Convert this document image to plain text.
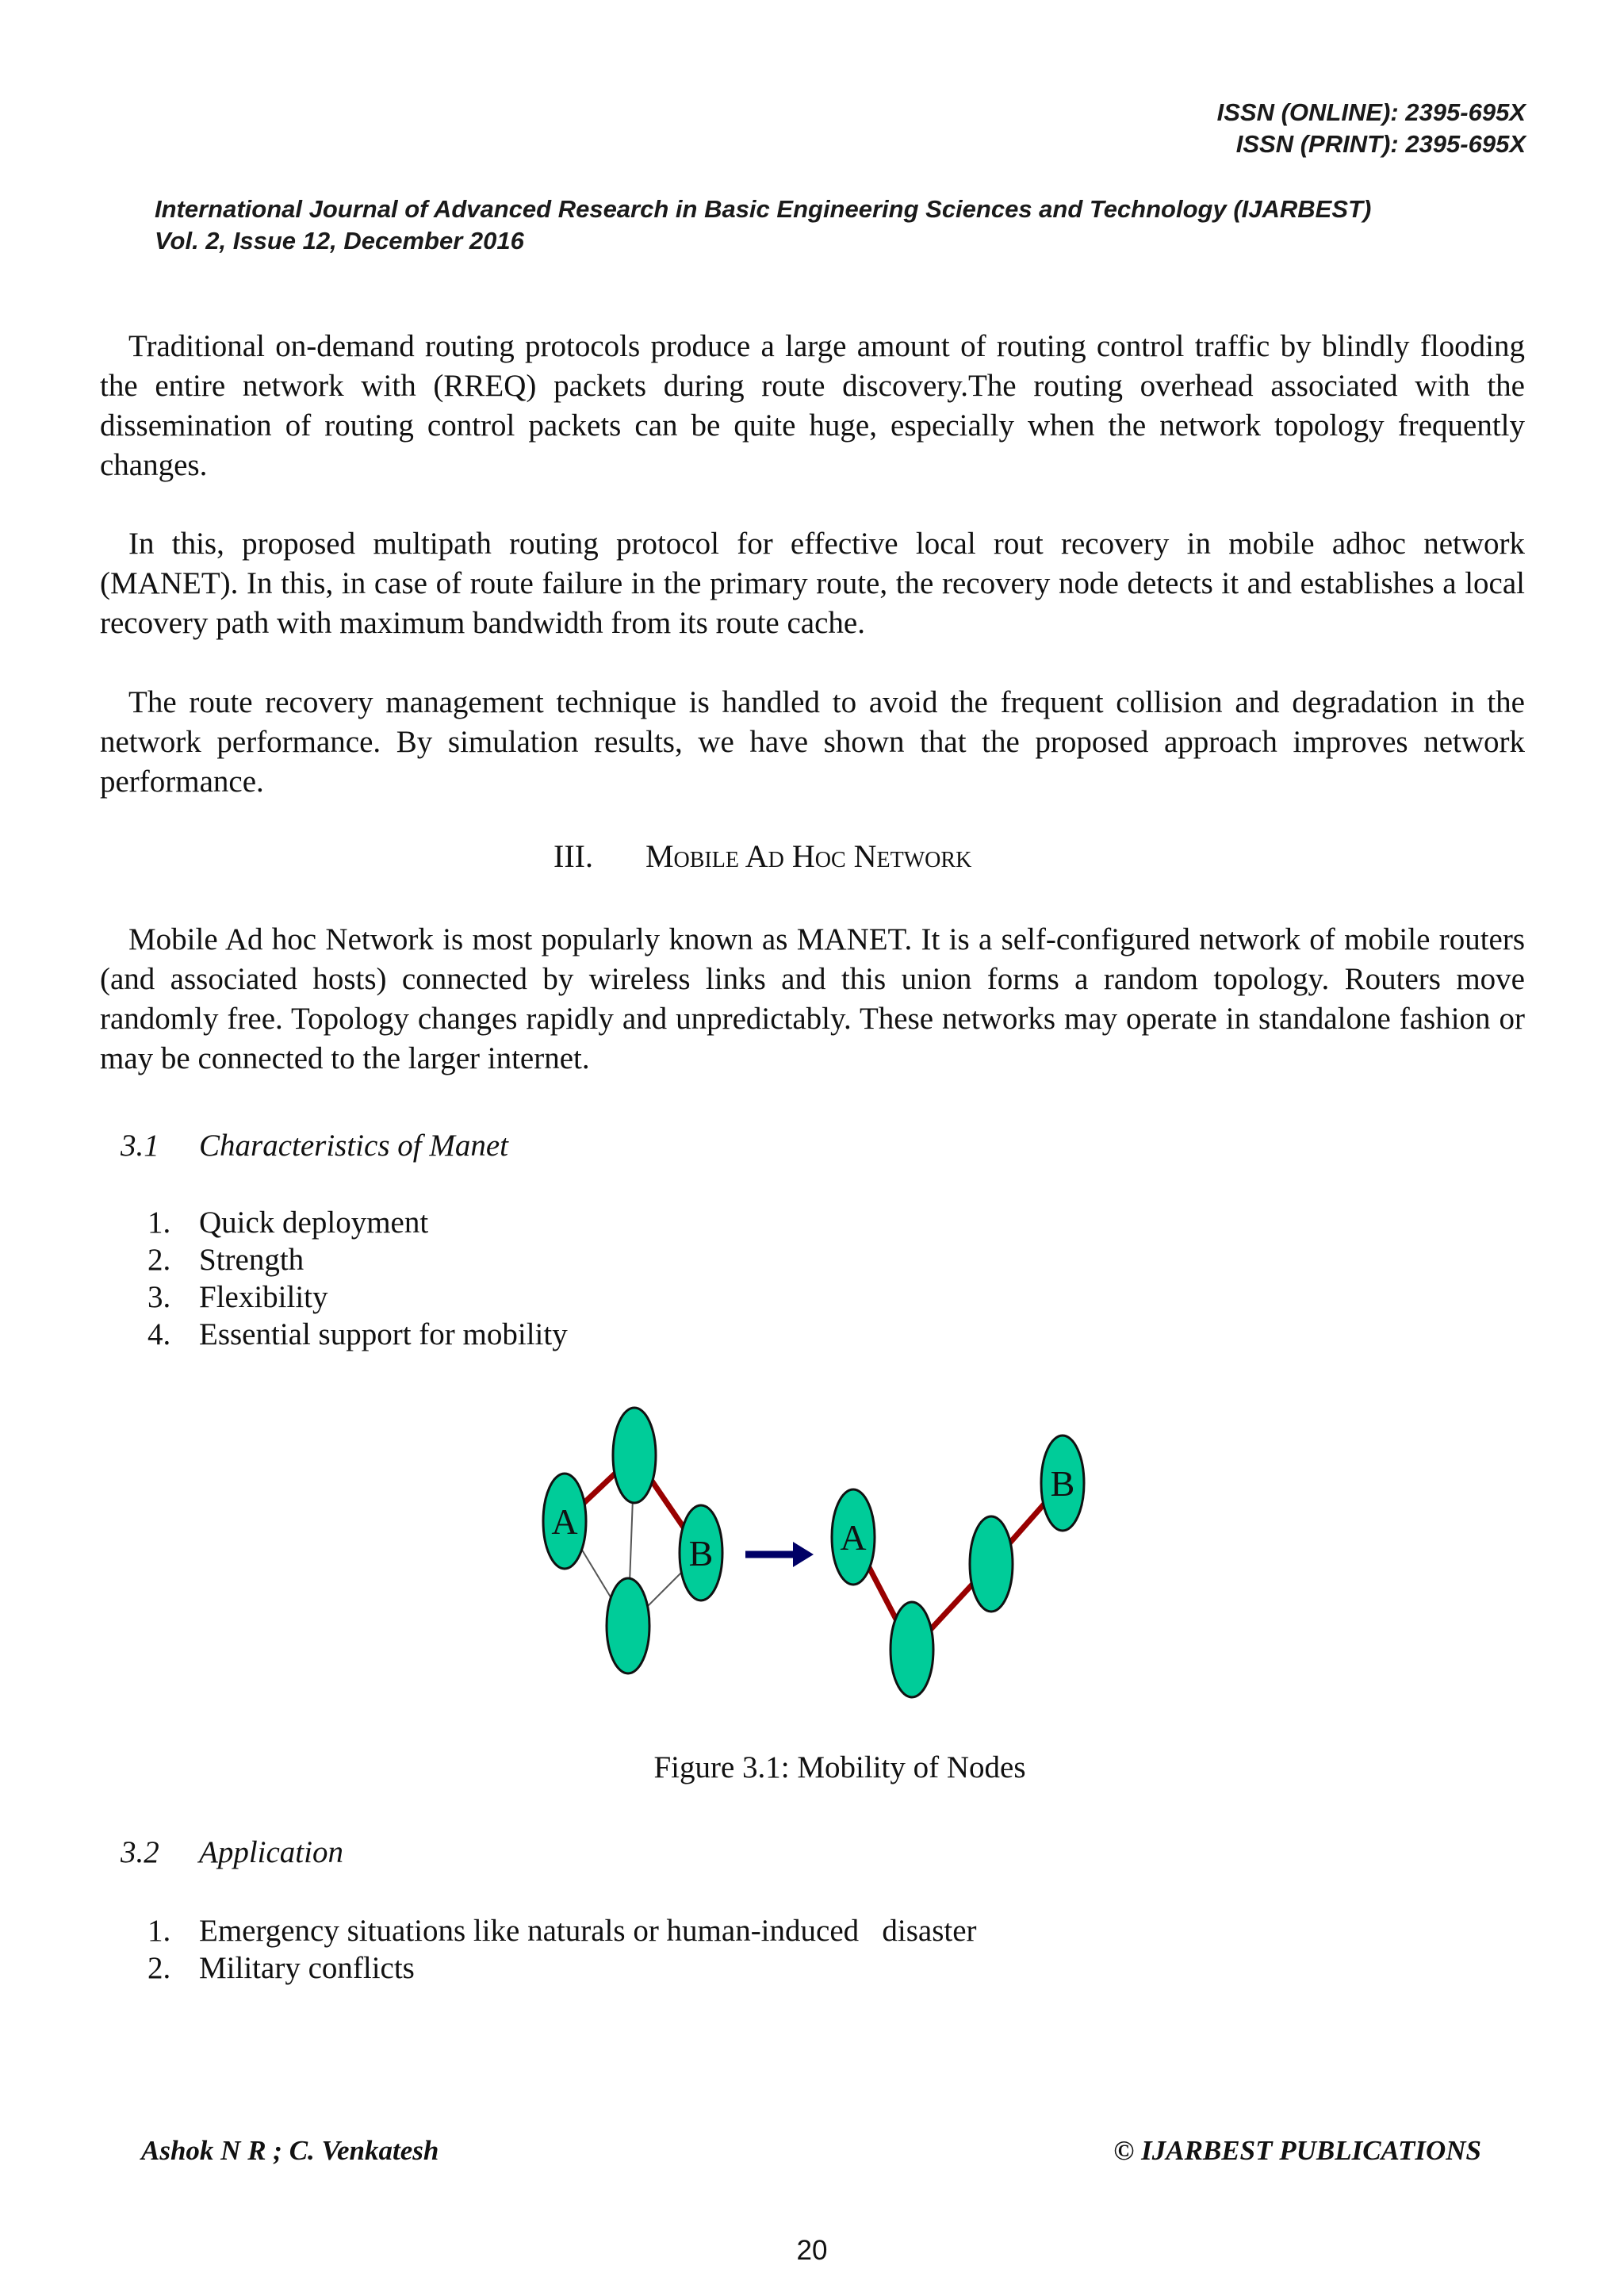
ISSN (ONLINE): 2395-695X
ISSN (PRINT): 2395-695X
International Journal of Advanced Research in Basic Engineering Sciences and Technology (IJARBEST)
Vol. 2, Issue 12, December 2016

Traditional on-demand routing protocols produce a large amount of routing control traffic by blindly flooding the entire network with (RREQ) packets during route discovery.The routing overhead associated with the dissemination of routing control packets can be quite huge, especially when the network topology frequently changes.

In this, proposed multipath routing protocol for effective local rout recovery in mobile adhoc network (MANET). In this, in case of route failure in the primary route, the recovery node detects it and establishes a local recovery path with maximum bandwidth from its route cache.

The route recovery management technique is handled to avoid the frequent collision and degradation in the network performance. By simulation results, we have shown that the proposed approach improves network performance.

III. Mobile Ad Hoc Network

Mobile Ad hoc Network is most popularly known as MANET. It is a self-configured network of mobile routers (and associated hosts) connected by wireless links and this union forms a random topology. Routers move randomly free. Topology changes rapidly and unpredictably. These networks may operate in standalone fashion or may be connected to the larger internet.

3.1 Characteristics of Manet
1. Quick deployment
2. Strength
3. Flexibility
4. Essential support for mobility
A
B	A
B
Figure 3.1: Mobility of Nodes
3.2 Application
1. Emergency situations like naturals or human-induced   disaster
2. Military conflicts
Ashok N R ; C. Venkatesh	© IJARBEST PUBLICATIONS
20
